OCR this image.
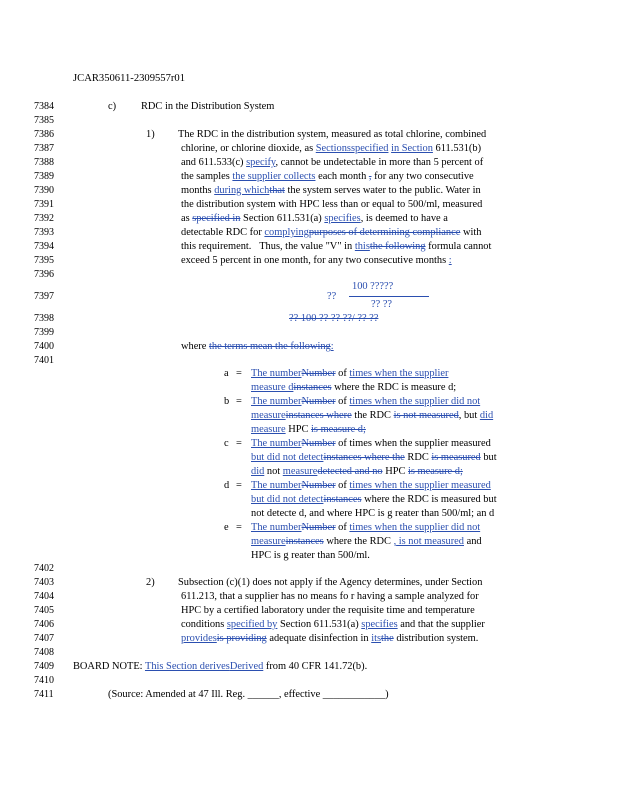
JCAR350611-2309557r01
7384
7385
7386
7387
7388
7389
7390
7391
7392
7393
7394
7395
7396
7397
7398
7399
7400
7401
7402
7403
7404
7405
7406
7407
7408
7409
7410
7411
c) RDC in the Distribution System
1) The RDC in the distribution system, measured as total chlorine, combined
chlorine, or chlorine dioxide, as Sectionsspecified in Section 611.531(b)
and 611.533(c) specify, cannot be undetectable in more than 5 percent of
the samples the supplier collects each month , for any two consecutive
months during whichthat the system serves water to the public. Water in
the distribution system with HPC less than or equal to 500/ml, measured
as specified in Section 611.531(a) specifies, is deemed to have a
detectable RDC for complyingpurposes of determining compliance with
this requirement. Thus, the value "V" in thisthe following formula cannot
exceed 5 percent in one month, for any two consecutive months :
??
100 ?????
?? ??
?? 100 ?? ?? ??/ ?? ??
where the terms mean the following:
a = The numberNumber of times when the supplier
measure dinstances where the RDC is measure d;
b = The numberNumber of times when the supplier did not
measureinstances where the RDC is not measured, but did
measure HPC is measure d;
c = The numberNumber of times when the supplier measured
but did not detectinstances where the RDC is measured but
did not measuredetected and no HPC is measure d;
d = The numberNumber of times when the supplier measured
but did not detectinstances where the RDC is measured but
not detecte d, and where HPC is g reater than 500/ml; an d
e = The numberNumber of times when the supplier did not
measureinstances where the RDC , is not measured and
HPC is g reater than 500/ml.
2) Subsection (c)(1) does not apply if the Agency determines, under Section
611.213, that a supplier has no means fo r having a sample analyzed for
HPC by a certified laboratory under the requisite time and temperature
conditions specified by Section 611.531(a) specifies and that the supplier
providesis providing adequate disinfection in itsthe distribution system.
BOARD NOTE: This Section derivesDerived from 40 CFR 141.72(b).
(Source: Amended at 47 Ill. Reg. ______, effective ____________)
